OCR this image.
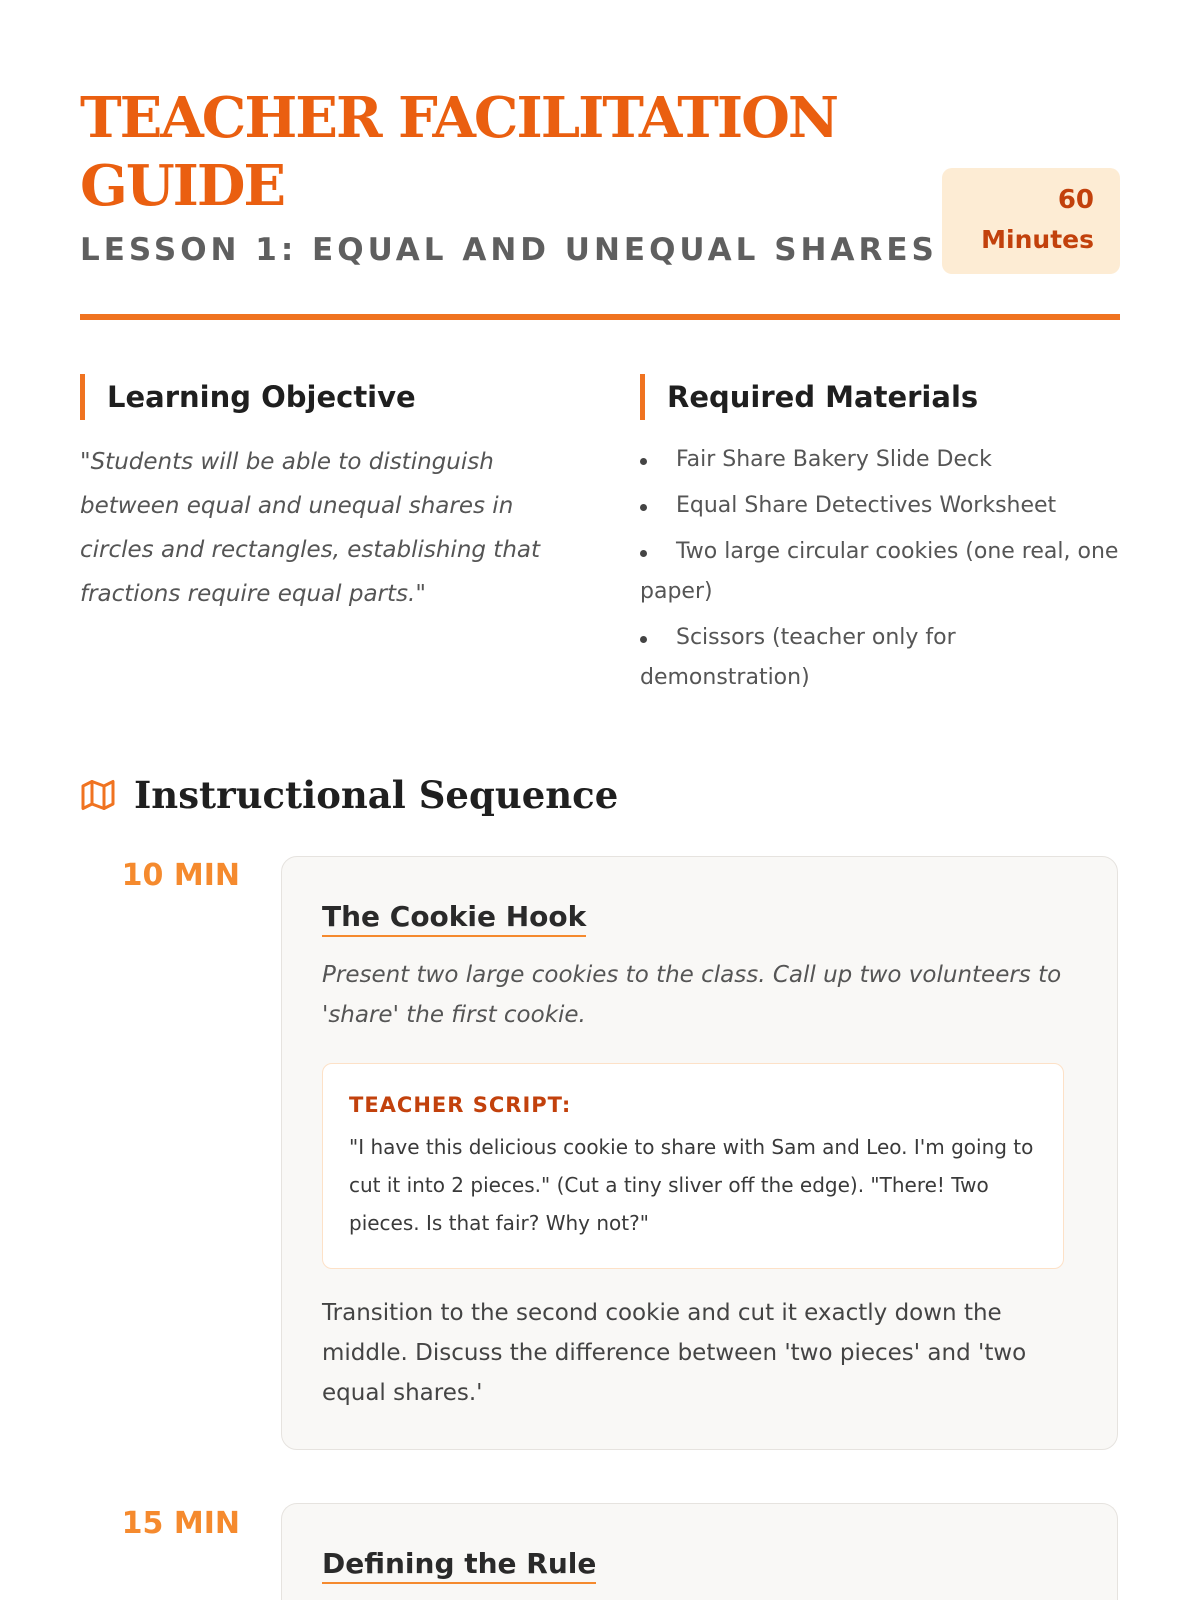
TEACHER FACILITATION GUIDE
LESSON 1: EQUAL AND UNEQUAL SHARES
60
Minutes
Learning Objective

"Students will be able to distinguish between equal and unequal shares in circles and rectangles, establishing that fractions require equal parts."

Required Materials
Fair Share Bakery Slide Deck
Equal Share Detectives Worksheet
Two large circular cookies (one real, one paper)
Scissors (teacher only for demonstration)
Instructional Sequence
10 MIN
The Cookie Hook

Present two large cookies to the class. Call up two volunteers to 'share' the first cookie.

TEACHER SCRIPT:

"I have this delicious cookie to share with Sam and Leo. I'm going to cut it into 2 pieces." (Cut a tiny sliver off the edge). "There! Two pieces. Is that fair? Why not?"

Transition to the second cookie and cut it exactly down the middle. Discuss the difference between 'two pieces' and 'two equal shares.'

15 MIN
Defining the Rule
